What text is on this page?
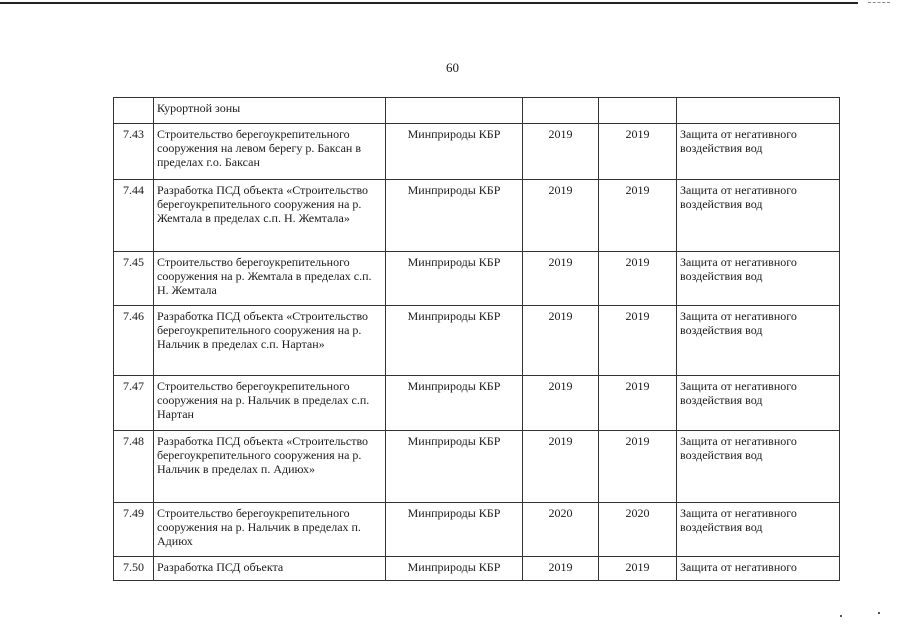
60
	Курортной зоны				
7.43	Строительство берегоукрепительного сооружения на левом берегу р. Баксан в пределах г.о. Баксан	Минприроды КБР	2019	2019	Защита от негативного воздействия вод
7.44	Разработка ПСД объекта «Строительство берегоукрепительного сооружения на р. Жемтала в пределах с.п. Н. Жемтала»	Минприроды КБР	2019	2019	Защита от негативного воздействия вод
7.45	Строительство берегоукрепительного сооружения на р. Жемтала в пределах с.п. Н. Жемтала	Минприроды КБР	2019	2019	Защита от негативного воздействия вод
7.46	Разработка ПСД объекта «Строительство берегоукрепительного сооружения на р. Нальчик в пределах с.п. Нартан»	Минприроды КБР	2019	2019	Защита от негативного воздействия вод
7.47	Строительство берегоукрепительного сооружения на р. Нальчик в пределах с.п. Нартан	Минприроды КБР	2019	2019	Защита от негативного воздействия вод
7.48	Разработка ПСД объекта «Строительство берегоукрепительного сооружения на р. Нальчик в пределах п. Адиюх»	Минприроды КБР	2019	2019	Защита от негативного воздействия вод
7.49	Строительство берегоукрепительного сооружения на р. Нальчик в пределах п. Адиюх	Минприроды КБР	2020	2020	Защита от негативного воздействия вод
7.50	Разработка ПСД объекта	Минприроды КБР	2019	2019	Защита от негативного
